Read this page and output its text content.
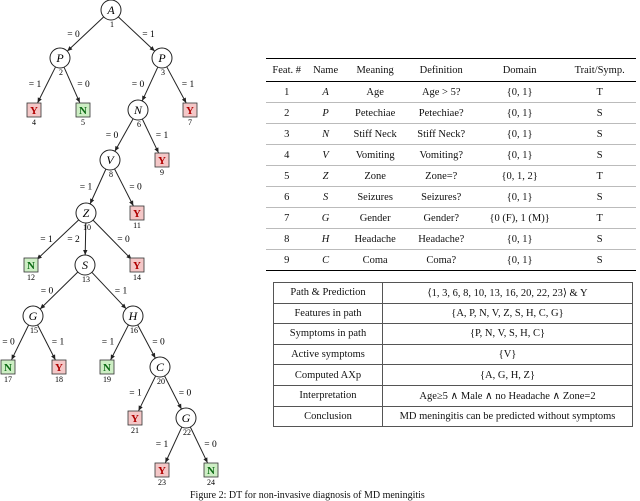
= 0	= 1
= 1	= 0	= 0	= 1
= 0	= 1
= 1	= 0
= 1 = 2	= 0
= 0	= 1
= 0	= 1	= 1	= 0
= 1	= 0
= 1	= 0
A
1
P
2
P
3
N
6
V
8
Z
10
S
13
G
15
H
16
C
20
G
22
Y
4
N
5
Y
7
Y
9
Y
11
N
12
Y
14
N
17
Y
18
N
19
Y
21
Y
23
N
24
Feat. #	Name	Meaning	Definition	Domain	Trait/Symp.
1	A	Age	Age > 5?	{0, 1}	T
2	P	Petechiae	Petechiae?	{0, 1}	S
3	N	Stiff Neck	Stiff Neck?	{0, 1}	S
4	V	Vomiting	Vomiting?	{0, 1}	S
5	Z	Zone	Zone=?	{0, 1, 2}	T
6	S	Seizures	Seizures?	{0, 1}	S
7	G	Gender	Gender?	{0 (F), 1 (M)}	T
8	H	Headache	Headache?	{0, 1}	S
9	C	Coma	Coma?	{0, 1}	S
Path & Prediction	⟨1, 3, 6, 8, 10, 13, 16, 20, 22, 23⟩ & Y
Features in path	{A, P, N, V, Z, S, H, C, G}
Symptoms in path	{P, N, V, S, H, C}
Active symptoms	{V}
Computed AXp	{A, G, H, Z}
Interpretation	Age≥5 ∧ Male ∧ no Headache ∧ Zone=2
Conclusion	MD meningitis can be predicted without symptoms
Figure 2: DT for non-invasive diagnosis of MD meningitis
